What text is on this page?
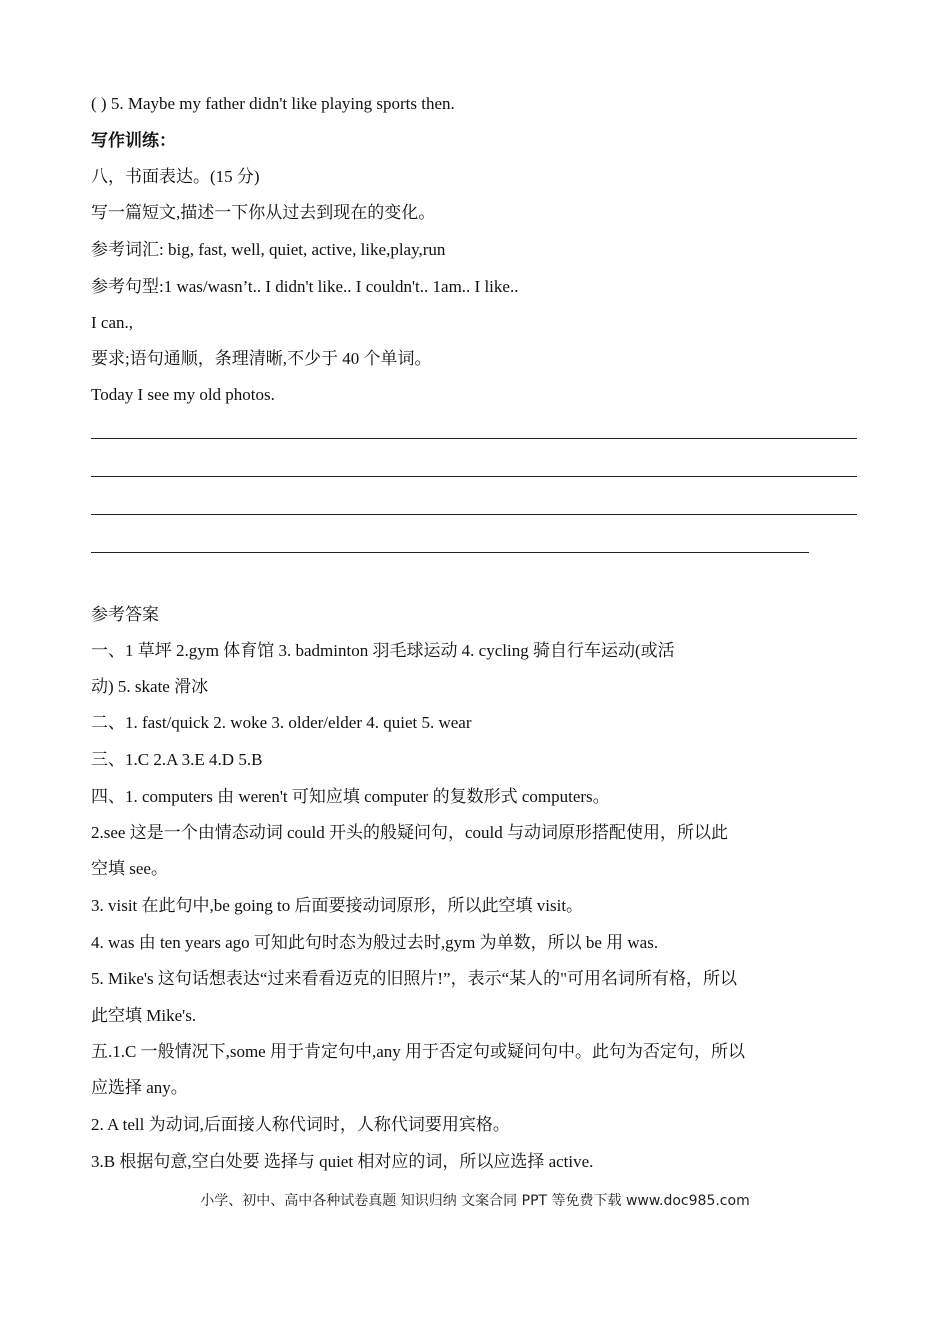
( ) 5. Maybe my father didn't like playing sports then.
写作训练：
八，书面表达。(15 分)
写一篇短文,描述一下你从过去到现在的变化。
参考词汇: big, fast, well, quiet, active, like,play,run
参考句型:1 was/wasn’t.. I didn't like.. I couldn't.. 1am.. I like..
I can.,
要求;语句通顺，条理清晰,不少于 40 个单词。
Today I see my old photos.
参考答案
一、1 草坪 2.gym 体育馆 3. badminton 羽毛球运动 4. cycling 骑自行车运动(或活
动) 5. skate 滑冰
二、1. fast/quick 2. woke 3. older/elder 4. quiet 5. wear
三、1.C 2.A 3.E 4.D 5.B
四、1. computers 由 weren't 可知应填 computer 的复数形式 computers。
2.see 这是一个由情态动词 could 开头的般疑问句，could 与动词原形搭配使用，所以此
空填 see。
3. visit 在此句中,be going to 后面要接动词原形，所以此空填 visit。
4. was 由 ten years ago 可知此句时态为般过去时,gym 为单数，所以 be 用 was.
5. Mike's 这句话想表达“过来看看迈克的旧照片!”，表示“某人的"可用名词所有格，所以
此空填 Mike's.
五.1.C 一般情况下,some 用于肯定句中,any 用于否定句或疑问句中。此句为否定句，所以
应选择 any。
2. A tell 为动词,后面接人称代词时，人称代词要用宾格。
3.B 根据句意,空白处要 选择与 quiet 相对应的词，所以应选择 active.
小学、初中、高中各种试卷真题 知识归纳 文案合同 PPT 等免费下载 www.doc985.com
